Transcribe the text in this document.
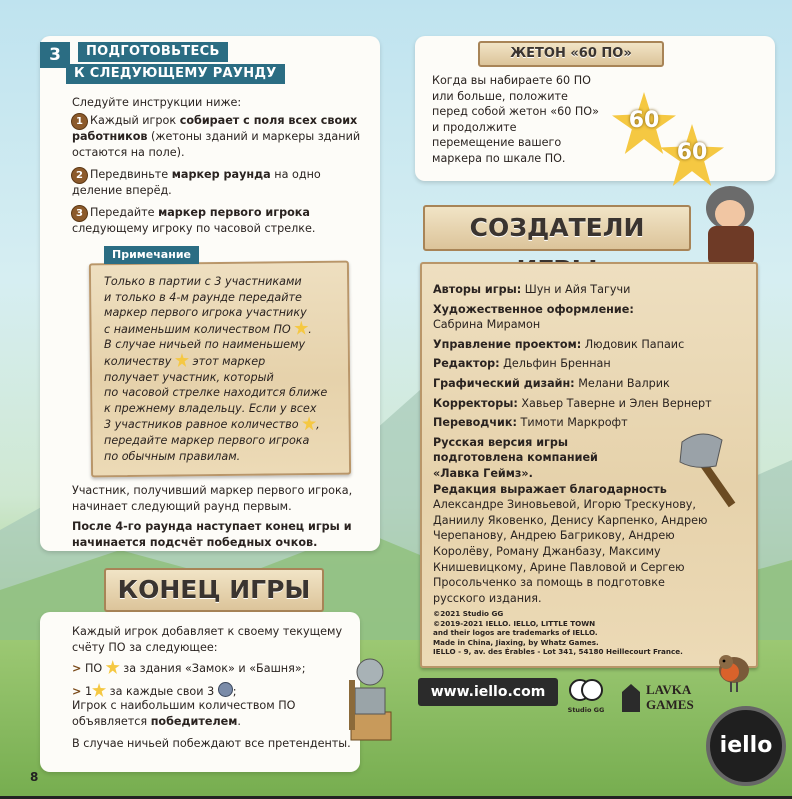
3	ПОДГОТОВЬТЕСЬ
К СЛЕДУЮЩЕМУ РАУНДУ

Следуйте инструкции ниже:

1 Каждый игрок собирает с поля всех своих работников (жетоны зданий и маркеры зданий остаются на поле).

2 Передвиньте маркер раунда на одно деление вперёд.

3 Передайте маркер первого игрока следующему игроку по часовой стрелке.

Примечание

Только в партии с 3 участниками

и только в 4-м раунде передайте

маркер первого игрока участнику

с наименьшим количеством ПО .

В случае ничьей по наименьшему

количеству этот маркер

получает участник, который

по часовой стрелке находится ближе

к прежнему владельцу. Если у всех

3 участников равное количество ,

передайте маркер первого игрока

по обычным правилам.

Участник, получивший маркер первого игрока, начинает следующий раунд первым.

После 4-го раунда наступает конец игры и начинается подсчёт победных очков.

КОНЕЦ ИГРЫ

Каждый игрок добавляет к своему текущему счёту ПО за следующее:

> ПО за здания «Замок» и «Башня»;

> 1 за каждые свои 3 ;

Игрок с наибольшим количеством ПО объявляется победителем.

В случае ничьей побеждают все претенденты.

ЖЕТОН «60 ПО»

Когда вы набираете 60 ПО или больше, положите перед собой жетон «60 ПО» и продолжите перемещение вашего маркера по шкале ПО.

60
60
СОЗДАТЕЛИ

Авторы игры: Шун и Айя Тагучи

Художественное оформление:

Сабрина Мирамон

Управление проектом: Людовик Папаис

Редактор: Дельфин Бреннан

Графический дизайн: Мелани Валрик

Корректоры: Хавьер Таверне и Элен Вернерт

Переводчик: Тимоти Маркрофт

Русская версия игры подготовлена компанией «Лавка Геймз».

Редакция выражает благодарность

Александре Зиновьевой, Игорю Трескунову, Даниилу Яковенко, Денису Карпенко, Андрею Черепанову, Андрею Багрикову, Андрею Королёву, Роману Джанбазу, Максиму Книшевицкому, Арине Павловой и Сергею Просольченко за помощь в подготовке русского издания.

©2021 Studio GG
©2019-2021 IELLO. IELLO, LITTLE TOWN
and their logos are trademarks of IELLO.
Made in China, Jiaxing, by Whatz Games.
IELLO - 9, av. des Érables - Lot 341, 54180 Heillecourt France.
www.iello.com
Studio GG
LAVKA
GAMES
iello
8
